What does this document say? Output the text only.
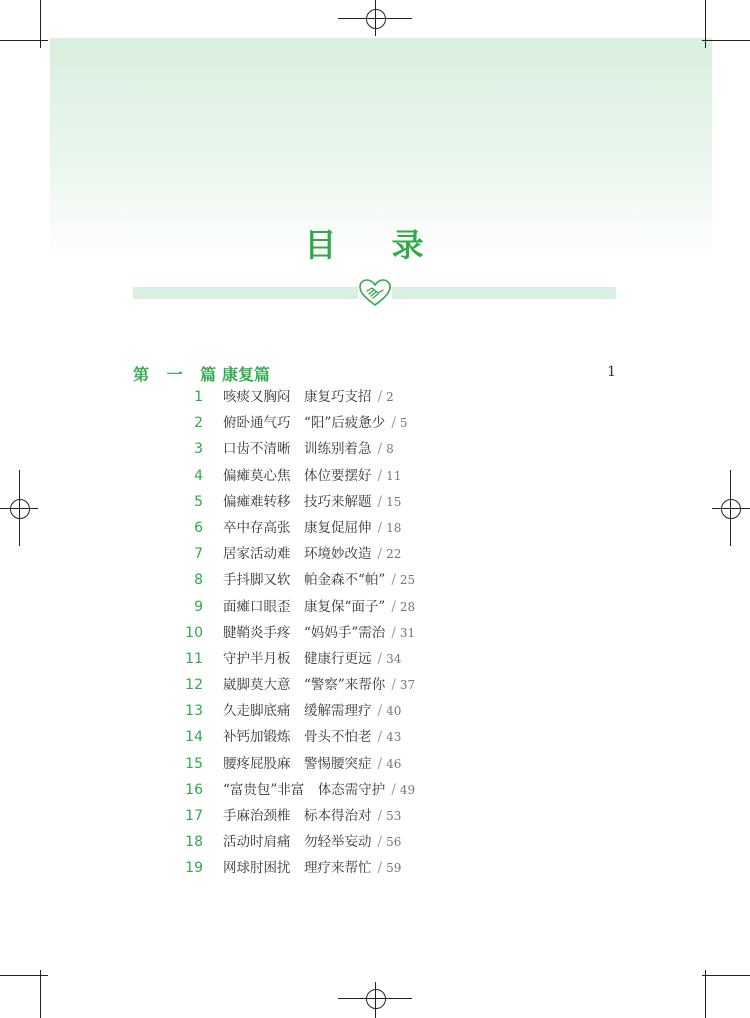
目 录
第 一 篇 康复篇	1
1 咳痰又胸闷　康复巧支招 / 2
2 俯卧通气巧　“阳”后疲惫少 / 5
3 口齿不清晰　训练别着急 / 8
4 偏瘫莫心焦　体位要摆好 / 11
5 偏瘫难转移　技巧来解题 / 15
6 卒中存高张　康复促屈伸 / 18
7 居家活动难　环境妙改造 / 22
8 手抖脚又软　帕金森不“帕” / 25
9 面瘫口眼歪　康复保“面子” / 28
10 腱鞘炎手疼　“妈妈手”需治 / 31
11 守护半月板　健康行更远 / 34
12 崴脚莫大意　“警察”来帮你 / 37
13 久走脚底痛　缓解需理疗 / 40
14 补钙加锻炼　骨头不怕老 / 43
15 腰疼屁股麻　警惕腰突症 / 46
16 “富贵包”非富　体态需守护 / 49
17 手麻治颈椎　标本得治对 / 53
18 活动时肩痛　勿轻举妄动 / 56
19 网球肘困扰　理疗来帮忙 / 59
